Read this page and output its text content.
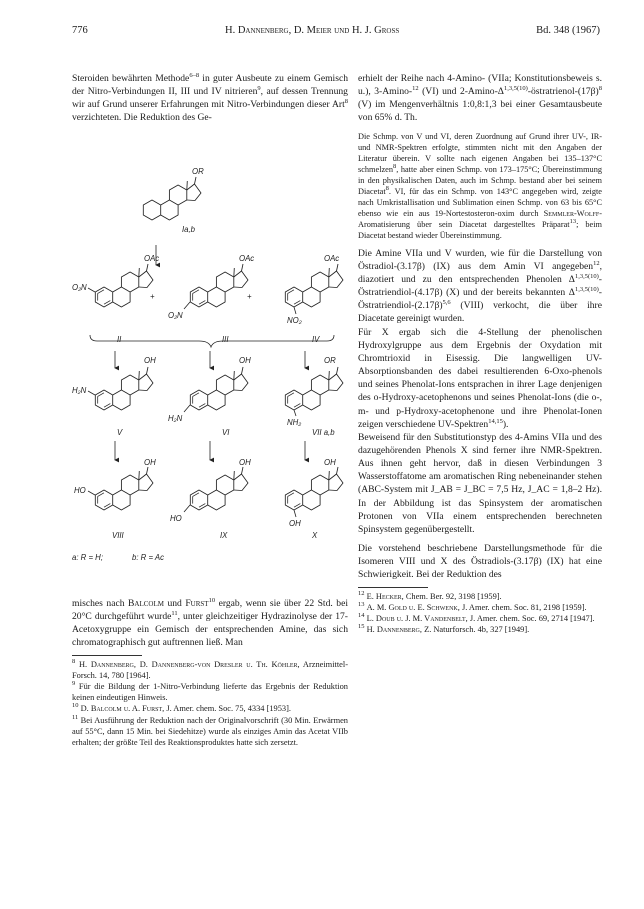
776	H. Dannenberg, D. Meier und H. J. Gross	Bd. 348 (1967)

Steroiden bewährten Methode$^{6-8}$ in guter Ausbeute zu einem Gemisch der Nitro-Verbindungen II, III und IV nitrieren$^9$, auf dessen Trennung wir auf Grund unserer Erfahrungen mit Nitro-Verbindungen dieser Art$^8$ verzichteten. Die Reduktion des Ge-

OR
Ia,b
OAc	OAc	OAc
O₂N
+	+
O₂N
NO₂
II	III	IV
OH	OH	OR
H₂N
H₂N	NH₂
V	VI	VII a,b
OH	OH	OH
HO
HO
OH
VIII	IX	X
a: R = H;	b: R = Ac

misches nach Balcolm und Furst$^{10}$ ergab, wenn sie über 22 Std. bei 20°C durchgeführt wurde$^{11}$, unter gleichzeitiger Hydrazinolyse der 17-Acetoxygruppe ein Gemisch der entsprechenden Amine, das sich chromatographisch gut auftrennen ließ. Man

$^8$ H. Dannenberg, D. Dannenberg-von Dresler u. Th. Köhler, Arzneimittel-Forsch. 14, 780 [1964].

$^9$ Für die Bildung der 1-Nitro-Verbindung lieferte das Ergebnis der Reduktion keinen eindeutigen Hinweis.

$^{10}$ D. Balcolm u. A. Furst, J. Amer. chem. Soc. 75, 4334 [1953].

$^{11}$ Bei Ausführung der Reduktion nach der Originalvorschrift (30 Min. Erwärmen auf 55°C, dann 15 Min. bei Siedehitze) wurde als einziges Amin das Acetat VIIb erhalten; der größte Teil des Reaktionsproduktes hatte sich zersetzt.

erhielt der Reihe nach 4-Amino- (VIIa; Konstitutionsbeweis s. u.), 3-Amino-$^{12}$ (VI) und $2-Amino-\Delta^{1,3,5(10)}-östratrienol-(17\beta)^8$ (V) im Mengenverhältnis 1:0,8:1,3 bei einer Gesamtausbeute von 65% d. Th.

Die Schmp. von V und VI, deren Zuordnung auf Grund ihrer UV-, IR- und NMR-Spektren erfolgte, stimmten nicht mit den Angaben der Literatur überein. V sollte nach eigenen Angaben bei 135–137°C schmelzen$^8$, hatte aber einen Schmp. von 173–175°C; Übereinstimmung in den physikalischen Daten, auch im Schmp. bestand aber bei seinem Diacetat$^8$. VI, für das ein Schmp. von 143°C angegeben wird, zeigte nach Umkristallisation und Sublimation einen Schmp. von 63 bis 65°C ebenso wie ein aus 19-Nortestosteron-oxim durch Semmler-Wolff-Aromatisierung über sein Diacetat dargestelltes Präparat$^{13}$; beim Diacetat bestand wieder Übereinstimmung.

Die Amine VIIa und V wurden, wie für die Darstellung von Östradiol-(3.17β) (IX) aus dem Amin VI angegeben$^{12}$, diazotiert und zu den entsprechenden Phenolen $\Delta^{1,3,5(10)}-Östratriendiol-(4.17\beta)$ (X) und der bereits bekannten $\Delta^{1,3,5(10)}-Östratriendiol-(2.17\beta)^{5,6}$ (VIII) verkocht, die über ihre Diacetate gereinigt wurden.

Für X ergab sich die 4-Stellung der phenolischen Hydroxylgruppe aus dem Ergebnis der Oxydation mit Chromtrioxid in Eisessig. Die langwelligen UV-Absorptionsbanden des dabei resultierenden 6-Oxo-phenols und seines Phenolat-Ions entsprachen in ihrer Lage denjenigen des o-Hydroxy-acetophenons und seines Phenolat-Ions (die o-, m- und p-Hydroxy-acetophenone und ihre Phenolat-Ionen zeigen verschiedene UV-Spektren$^{14,15}$).

Beweisend für den Substitutionstyp des 4-Amins VIIa und des dazugehörenden Phenols X sind ferner ihre NMR-Spektren. Aus ihnen geht hervor, daß in diesen Verbindungen 3 Wasserstoffatome am aromatischen Ring nebeneinander stehen (ABC-System mit J_AB = J_BC = 7,5 Hz, J_AC = 1,8–2 Hz). In der Abbildung ist das Spinsystem der aromatischen Protonen von VIIa einem entsprechenden berechneten Spinsystem gegenübergestellt.

Die vorstehend beschriebene Darstellungsmethode für die Isomeren VIII und X des Östradiols-(3.17β) (IX) hat eine Schwierigkeit. Bei der Reduktion des

$^{12}$ E. Hecker, Chem. Ber. 92, 3198 [1959].

$^{13}$ A. M. Gold u. E. Schwenk, J. Amer. chem. Soc. 81, 2198 [1959].

$^{14}$ L. Doub u. J. M. Vandenbelt, J. Amer. chem. Soc. 69, 2714 [1947].

$^{15}$ H. Dannenberg, Z. Naturforsch. 4b, 327 [1949].
